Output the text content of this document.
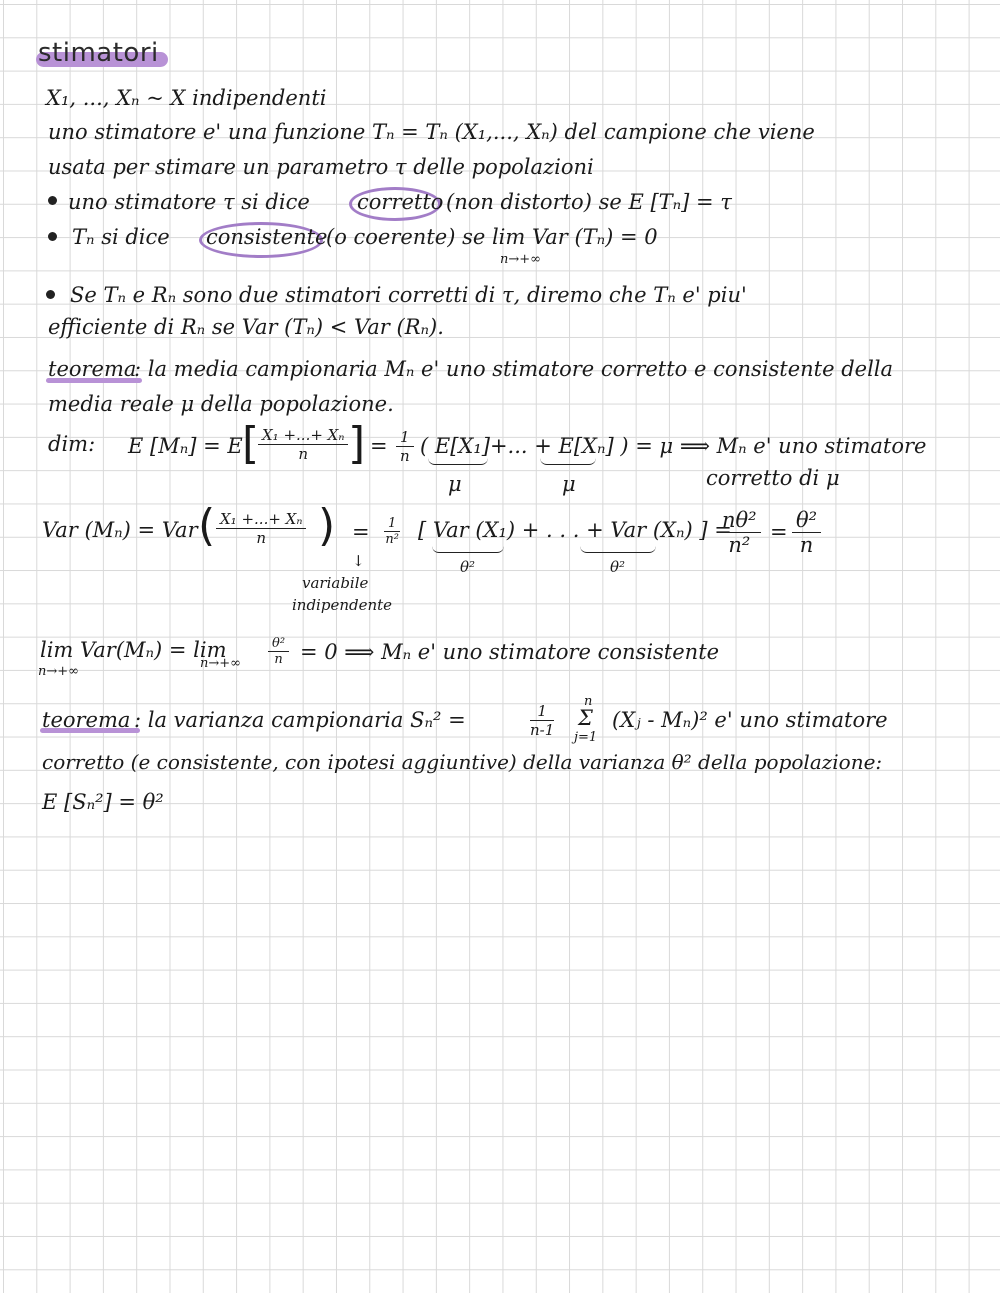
stimatori
X₁, ..., Xₙ ~ X indipendenti
uno stimatore e' una funzione Tₙ = Tₙ (X₁,..., Xₙ) del campione che viene
usata per stimare un parametro τ delle popolazioni
uno stimatore τ si dice corretto (non distorto) se E [Tₙ] = τ
Tₙ si dice consistente
(o coerente) se lim Var (Tₙ) = 0
n→+∞
Se Tₙ e Rₙ sono due stimatori corretti di τ, diremo che Tₙ e' piu'
efficiente di Rₙ se Var (Tₙ) < Var (Rₙ).
teorema
: la media campionaria Mₙ e' uno stimatore corretto e consistente della
media reale μ della popolazione.
dim: E [Mₙ] = E [
$\frac{\text{X₁ +...+ Xₙ}}{n}$ ] = $\frac{1}{n}$ ( E[X₁]+... + E[Xₙ] ) = μ ⟹ Mₙ e' uno stimatore
corretto di μ
μ	μ
Var (Mₙ) = Var ( $\frac{\text{X₁ +...+ Xₙ}}{n}$ ) = $\frac{1}{\text{n²}}$ [ Var (X₁) + . . . + Var (Xₙ) ] =
θ²	θ²
$\frac{\text{nθ²}}{\text{n²}} = \frac{\text{θ²}}{n}$
↓
variabile
indipendente
lim Var(Mₙ) = lim
n→+∞
$n\to+\infty \frac{\text{θ²}}{n} = 0$ ⟹ Mₙ e' uno stimatore consistente
teorema : la varianza campionaria Sₙ² =	$\frac{1}{n-1}$
n
Σ
j=1
(Xⱼ - Mₙ)² e' uno stimatore
corretto (e consistente, con ipotesi aggiuntive) della varianza θ² della popolazione:
E [Sₙ²] = θ²
